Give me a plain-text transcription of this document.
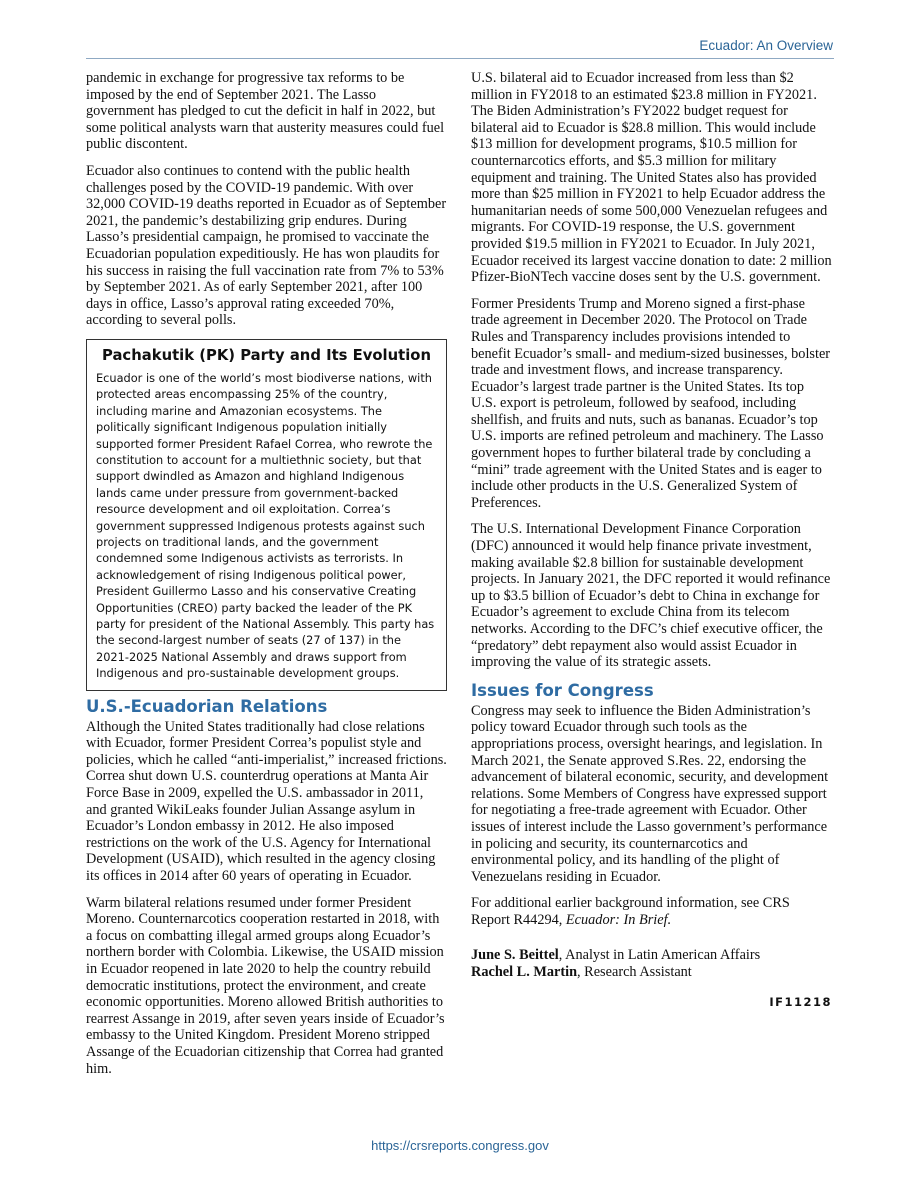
Ecuador: An Overview

pandemic in exchange for progressive tax reforms to be imposed by the end of September 2021. The Lasso government has pledged to cut the deficit in half in 2022, but some political analysts warn that austerity measures could fuel public discontent.

Ecuador also continues to contend with the public health challenges posed by the COVID-19 pandemic. With over 32,000 COVID-19 deaths reported in Ecuador as of September 2021, the pandemic’s destabilizing grip endures. During Lasso’s presidential campaign, he promised to vaccinate the Ecuadorian population expeditiously. He has won plaudits for his success in raising the full vaccination rate from 7% to 53% by September 2021. As of early September 2021, after 100 days in office, Lasso’s approval rating exceeded 70%, according to several polls.

Pachakutik (PK) Party and Its Evolution

Ecuador is one of the world’s most biodiverse nations, with protected areas encompassing 25% of the country, including marine and Amazonian ecosystems. The politically significant Indigenous population initially supported former President Rafael Correa, who rewrote the constitution to account for a multiethnic society, but that support dwindled as Amazon and highland Indigenous lands came under pressure from government-backed resource development and oil exploitation. Correa’s government suppressed Indigenous protests against such projects on traditional lands, and the government condemned some Indigenous activists as terrorists. In acknowledgement of rising Indigenous political power, President Guillermo Lasso and his conservative Creating Opportunities (CREO) party backed the leader of the PK party for president of the National Assembly. This party has the second-largest number of seats (27 of 137) in the 2021-2025 National Assembly and draws support from Indigenous and pro-sustainable development groups.

U.S.-Ecuadorian Relations

Although the United States traditionally had close relations with Ecuador, former President Correa’s populist style and policies, which he called “anti-imperialist,” increased frictions. Correa shut down U.S. counterdrug operations at Manta Air Force Base in 2009, expelled the U.S. ambassador in 2011, and granted WikiLeaks founder Julian Assange asylum in Ecuador’s London embassy in 2012. He also imposed restrictions on the work of the U.S. Agency for International Development (USAID), which resulted in the agency closing its offices in 2014 after 60 years of operating in Ecuador.

Warm bilateral relations resumed under former President Moreno. Counternarcotics cooperation restarted in 2018, with a focus on combatting illegal armed groups along Ecuador’s northern border with Colombia. Likewise, the USAID mission in Ecuador reopened in late 2020 to help the country rebuild democratic institutions, protect the environment, and create economic opportunities. Moreno allowed British authorities to rearrest Assange in 2019, after seven years inside of Ecuador’s embassy to the United Kingdom. President Moreno stripped Assange of the Ecuadorian citizenship that Correa had granted him.

U.S. bilateral aid to Ecuador increased from less than $2 million in FY2018 to an estimated $23.8 million in FY2021. The Biden Administration’s FY2022 budget request for bilateral aid to Ecuador is $28.8 million. This would include $13 million for development programs, $10.5 million for counternarcotics efforts, and $5.3 million for military equipment and training. The United States also has provided more than $25 million in FY2021 to help Ecuador address the humanitarian needs of some 500,000 Venezuelan refugees and migrants. For COVID-19 response, the U.S. government provided $19.5 million in FY2021 to Ecuador. In July 2021, Ecuador received its largest vaccine donation to date: 2 million Pfizer-BioNTech vaccine doses sent by the U.S. government.

Former Presidents Trump and Moreno signed a first-phase trade agreement in December 2020. The Protocol on Trade Rules and Transparency includes provisions intended to benefit Ecuador’s small- and medium-sized businesses, bolster trade and investment flows, and increase transparency. Ecuador’s largest trade partner is the United States. Its top U.S. export is petroleum, followed by seafood, including shellfish, and fruits and nuts, such as bananas. Ecuador’s top U.S. imports are refined petroleum and machinery. The Lasso government hopes to further bilateral trade by concluding a “mini” trade agreement with the United States and is eager to include other products in the U.S. Generalized System of Preferences.

The U.S. International Development Finance Corporation (DFC) announced it would help finance private investment, making available $2.8 billion for sustainable development projects. In January 2021, the DFC reported it would refinance up to $3.5 billion of Ecuador’s debt to China in exchange for Ecuador’s agreement to exclude China from its telecom networks. According to the DFC’s chief executive officer, the “predatory” debt repayment also would assist Ecuador in improving the value of its strategic assets.

Issues for Congress

Congress may seek to influence the Biden Administration’s policy toward Ecuador through such tools as the appropriations process, oversight hearings, and legislation. In March 2021, the Senate approved S.Res. 22, endorsing the advancement of bilateral economic, security, and development relations. Some Members of Congress have expressed support for negotiating a free-trade agreement with Ecuador. Other issues of interest include the Lasso government’s performance in policing and security, its counternarcotics and environmental policy, and its handling of the plight of Venezuelans residing in Ecuador.

For additional earlier background information, see CRS Report R44294, Ecuador: In Brief.

June S. Beittel, Analyst in Latin American Affairs
Rachel L. Martin, Research Assistant
IF11218
https://crsreports.congress.gov
